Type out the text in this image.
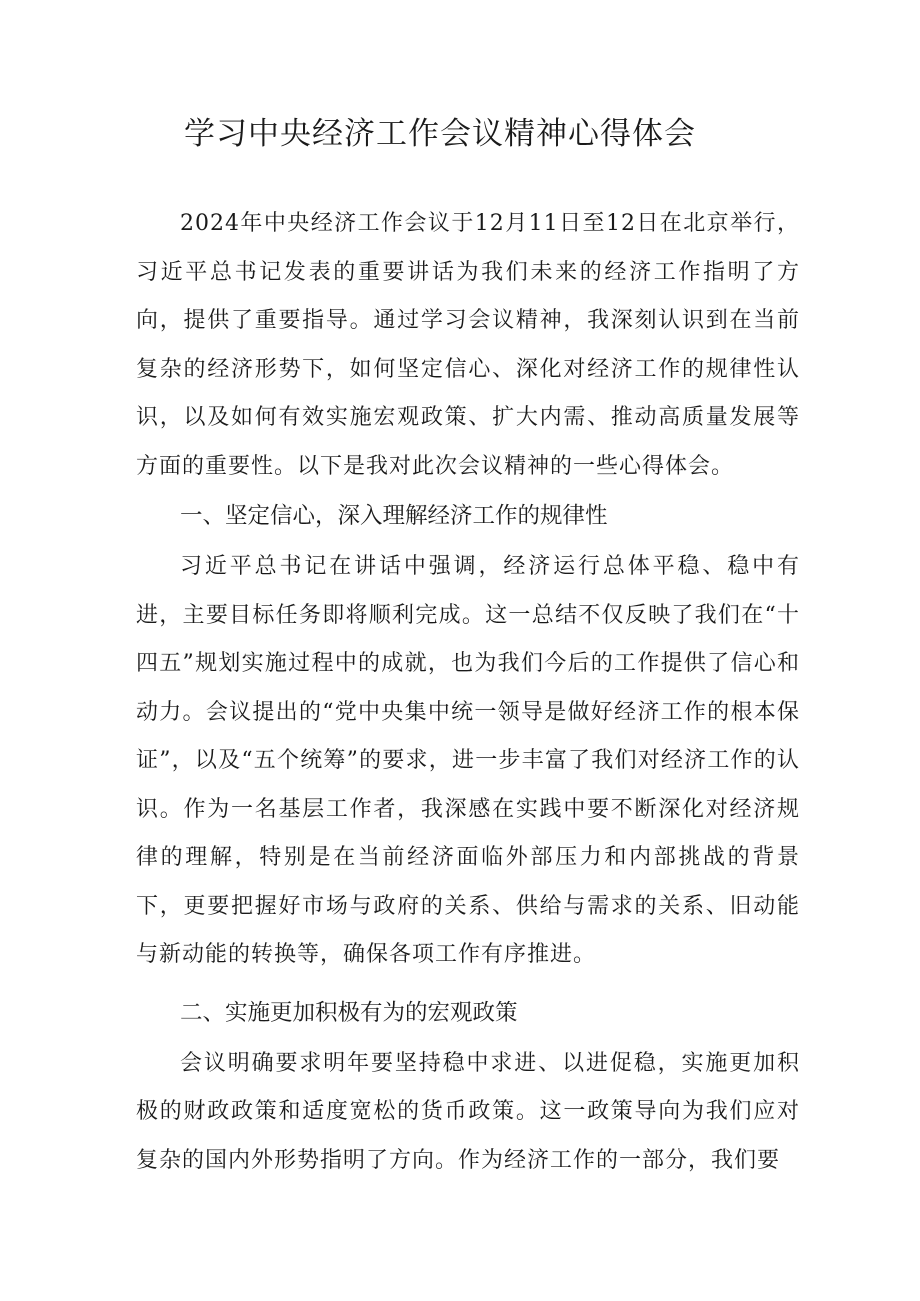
学习中央经济工作会议精神心得体会

2024年中央经济工作会议于12月11日至12日在北京举行，习近平总书记发表的重要讲话为我们未来的经济工作指明了方向，提供了重要指导。通过学习会议精神，我深刻认识到在当前复杂的经济形势下，如何坚定信心、深化对经济工作的规律性认识，以及如何有效实施宏观政策、扩大内需、推动高质量发展等方面的重要性。以下是我对此次会议精神的一些心得体会。

一、坚定信心，深入理解经济工作的规律性

习近平总书记在讲话中强调，经济运行总体平稳、稳中有进，主要目标任务即将顺利完成。这一总结不仅反映了我们在“十四五”规划实施过程中的成就，也为我们今后的工作提供了信心和动力。会议提出的“党中央集中统一领导是做好经济工作的根本保证”，以及“五个统筹”的要求，进一步丰富了我们对经济工作的认识。作为一名基层工作者，我深感在实践中要不断深化对经济规律的理解，特别是在当前经济面临外部压力和内部挑战的背景下，更要把握好市场与政府的关系、供给与需求的关系、旧动能与新动能的转换等，确保各项工作有序推进。

二、实施更加积极有为的宏观政策

会议明确要求明年要坚持稳中求进、以进促稳，实施更加积极的财政政策和适度宽松的货币政策。这一政策导向为我们应对复杂的国内外形势指明了方向。作为经济工作的一部分，我们要
